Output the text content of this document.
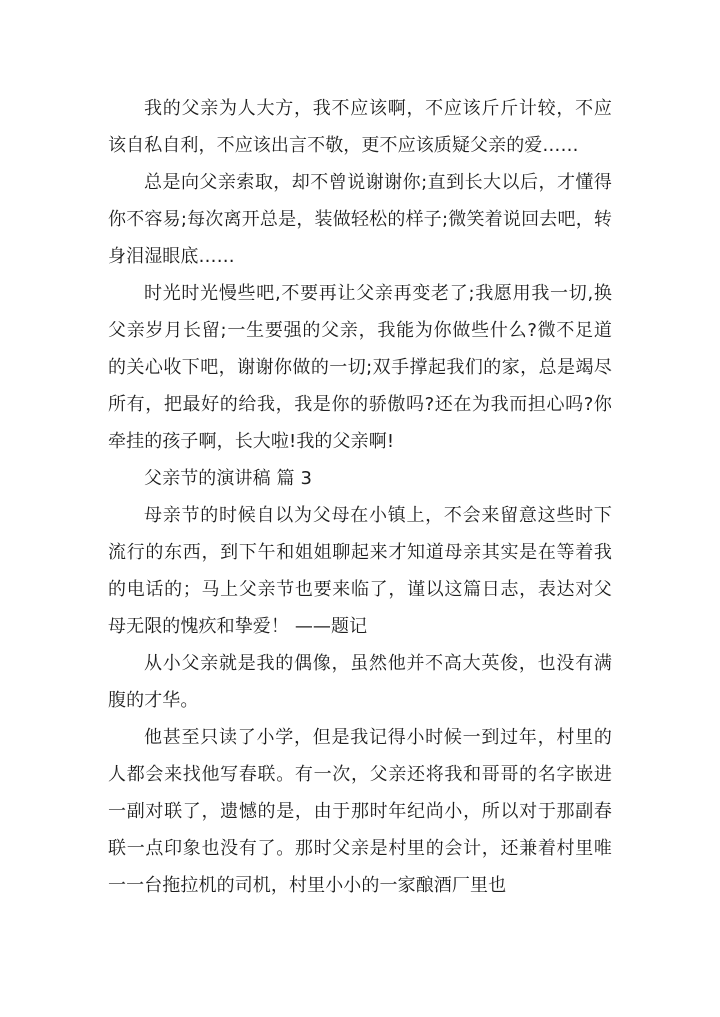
我的父亲为人大方，我不应该啊，不应该斤斤计较，不应该自私自利，不应该出言不敬，更不应该质疑父亲的爱……

总是向父亲索取，却不曾说谢谢你;直到长大以后，才懂得你不容易;每次离开总是，装做轻松的样子;微笑着说回去吧，转身泪湿眼底……

时光时光慢些吧,不要再让父亲再变老了;我愿用我一切,换父亲岁月长留;一生要强的父亲，我能为你做些什么?微不足道的关心收下吧，谢谢你做的一切;双手撑起我们的家，总是竭尽所有，把最好的给我，我是你的骄傲吗?还在为我而担心吗?你牵挂的孩子啊，长大啦!我的父亲啊!

父亲节的演讲稿 篇 3

母亲节的时候自以为父母在小镇上，不会来留意这些时下流行的东西，到下午和姐姐聊起来才知道母亲其实是在等着我的电话的；马上父亲节也要来临了，谨以这篇日志，表达对父母无限的愧疚和挚爱！ ——题记

从小父亲就是我的偶像，虽然他并不高大英俊，也没有满腹的才华。

他甚至只读了小学，但是我记得小时候一到过年，村里的人都会来找他写春联。有一次，父亲还将我和哥哥的名字嵌进一副对联了，遗憾的是，由于那时年纪尚小，所以对于那副春联一点印象也没有了。那时父亲是村里的会计，还兼着村里唯一一台拖拉机的司机，村里小小的一家酿酒厂里也
